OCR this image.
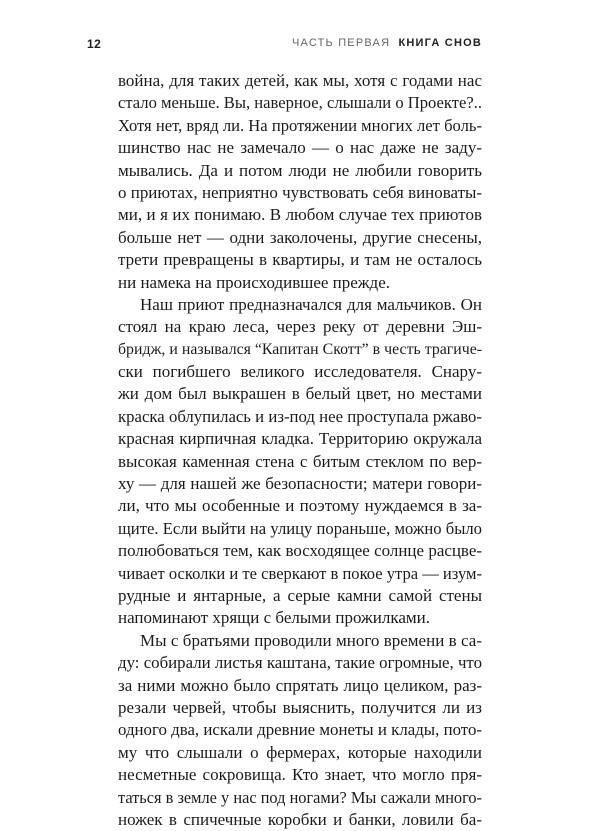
12	ЧАСТЬ ПЕРВАЯ КНИГА СНОВ
война, для таких детей, как мы, хотя с годами нас
стало меньше. Вы, наверное, слышали о Проекте?..
Хотя нет, вряд ли. На протяжении многих лет боль-
шинство нас не замечало — о нас даже не заду-
мывались. Да и потом люди не любили говорить
о приютах, неприятно чувствовать себя виноваты-
ми, и я их понимаю. В любом случае тех приютов
больше нет — одни заколочены, другие снесены,
трети превращены в квартиры, и там не осталось
ни намека на происходившее прежде.
Наш приют предназначался для мальчиков. Он
стоял на краю леса, через реку от деревни Эш-
бридж, и назывался “Капитан Скотт” в честь трагиче-
ски погибшего великого исследователя. Снару-
жи дом был выкрашен в белый цвет, но местами
краска облупилась и из-под нее проступала ржаво-
красная кирпичная кладка. Территорию окружала
высокая каменная стена с битым стеклом по вер-
ху — для нашей же безопасности; матери говори-
ли, что мы особенные и поэтому нуждаемся в за-
щите. Если выйти на улицу пораньше, можно было
полюбоваться тем, как восходящее солнце расцве-
чивает осколки и те сверкают в покое утра — изум-
рудные и янтарные, а серые камни самой стены
напоминают хрящи с белыми прожилками.
Мы с братьями проводили много времени в са-
ду: собирали листья каштана, такие огромные, что
за ними можно было спрятать лицо целиком, раз-
резали червей, чтобы выяснить, получится ли из
одного два, искали древние монеты и клады, пото-
му что слышали о фермерах, которые находили
несметные сокровища. Кто знает, что могло пря-
таться в земле у нас под ногами? Мы сажали много-
ножек в спичечные коробки и банки, ловили ба-
